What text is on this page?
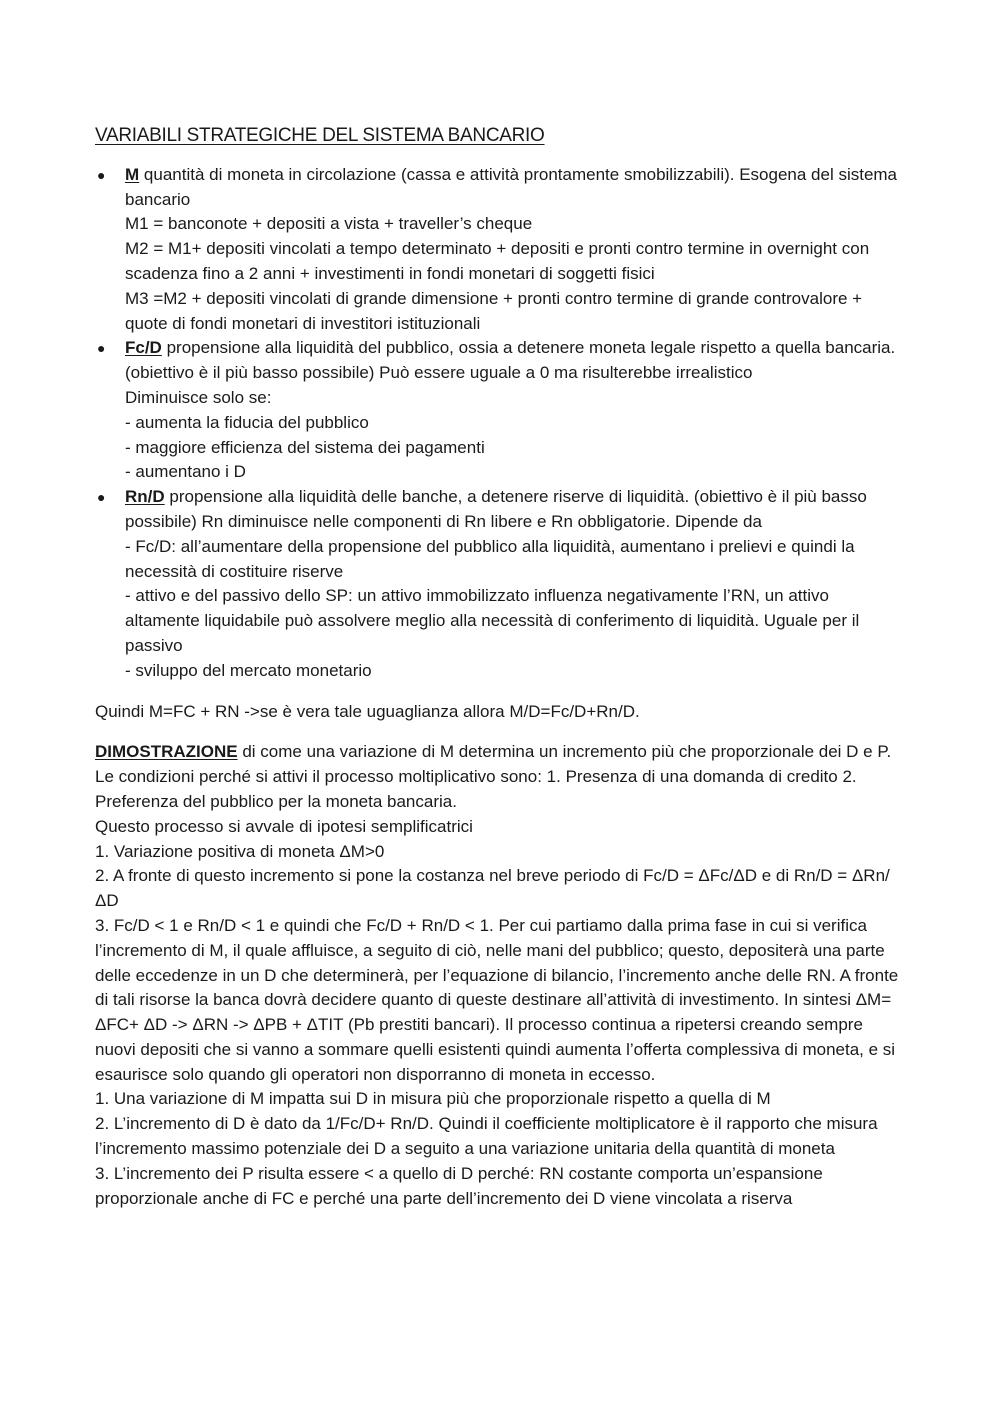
VARIABILI STRATEGICHE DEL SISTEMA BANCARIO
● M quantità di moneta in circolazione (cassa e attività prontamente smobilizzabili). Esogena del sistema bancario
M1 = banconote + depositi a vista + traveller’s cheque
M2 = M1+ depositi vincolati a tempo determinato + depositi e pronti contro termine in overnight con scadenza fino a 2 anni + investimenti in fondi monetari di soggetti fisici
M3 =M2 + depositi vincolati di grande dimensione + pronti contro termine di grande controvalore + quote di fondi monetari di investitori istituzionali
● Fc/D propensione alla liquidità del pubblico, ossia a detenere moneta legale rispetto a quella bancaria. (obiettivo è il più basso possibile) Può essere uguale a 0 ma risulterebbe irrealistico
Diminuisce solo se:
- aumenta la fiducia del pubblico
- maggiore efficienza del sistema dei pagamenti
- aumentano i D
● Rn/D propensione alla liquidità delle banche, a detenere riserve di liquidità. (obiettivo è il più basso possibile) Rn diminuisce nelle componenti di Rn libere e Rn obbligatorie. Dipende da
- Fc/D: all’aumentare della propensione del pubblico alla liquidità, aumentano i prelievi e quindi la necessità di costituire riserve
- attivo e del passivo dello SP: un attivo immobilizzato influenza negativamente l’RN, un attivo altamente liquidabile può assolvere meglio alla necessità di conferimento di liquidità. Uguale per il passivo
- sviluppo del mercato monetario
Quindi M=FC + RN ->se è vera tale uguaglianza allora M/D=Fc/D+Rn/D.
DIMOSTRAZIONE di come una variazione di M determina un incremento più che proporzionale dei D e P. Le condizioni perché si attivi il processo moltiplicativo sono: 1. Presenza di una domanda di credito 2. Preferenza del pubblico per la moneta bancaria.
Questo processo si avvale di ipotesi semplificatrici
1. Variazione positiva di moneta ΔM>0
2. A fronte di questo incremento si pone la costanza nel breve periodo di Fc/D = ΔFc/ΔD e di Rn/D = ΔRn/ΔD
3. Fc/D < 1 e Rn/D < 1 e quindi che Fc/D + Rn/D < 1. Per cui partiamo dalla prima fase in cui si verifica l’incremento di M, il quale affluisce, a seguito di ciò, nelle mani del pubblico; questo, depositerà una parte delle eccedenze in un D che determinerà, per l’equazione di bilancio, l’incremento anche delle RN. A fronte di tali risorse la banca dovrà decidere quanto di queste destinare all’attività di investimento. In sintesi ΔM= ΔFC+ ΔD -> ΔRN -> ΔPB + ΔTIT (Pb prestiti bancari). Il processo continua a ripetersi creando sempre nuovi depositi che si vanno a sommare quelli esistenti quindi aumenta l’offerta complessiva di moneta, e si esaurisce solo quando gli operatori non disporranno di moneta in eccesso.
1. Una variazione di M impatta sui D in misura più che proporzionale rispetto a quella di M
2. L’incremento di D è dato da 1/Fc/D+ Rn/D. Quindi il coefficiente moltiplicatore è il rapporto che misura l’incremento massimo potenziale dei D a seguito a una variazione unitaria della quantità di moneta
3. L’incremento dei P risulta essere < a quello di D perché: RN costante comporta un’espansione proporzionale anche di FC e perché una parte dell’incremento dei D viene vincolata a riserva
